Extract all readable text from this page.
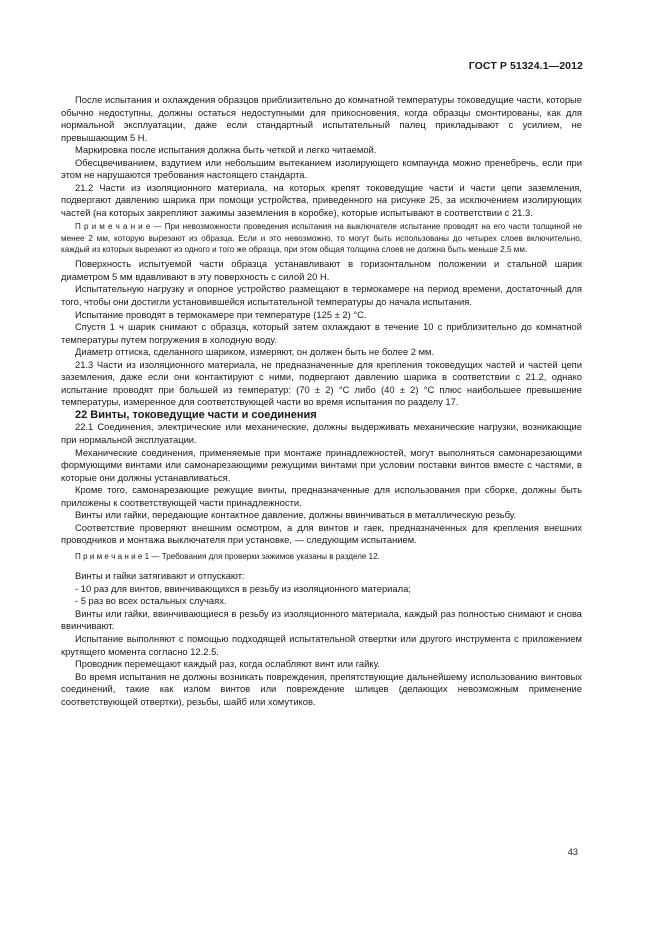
ГОСТ Р 51324.1—2012

После испытания и охлаждения образцов приблизительно до комнатной температуры токоведущие части, которые обычно недоступны, должны остаться недоступными для прикосновения, когда образцы смонтированы, как для нормальной эксплуатации, даже если стандартный испытательный палец прикладывают с усилием, не превышающим 5 Н.

Маркировка после испытания должна быть четкой и легко читаемой.

Обесцвечиванием, вздутием или небольшим вытеканием изолирующего компаунда можно пренебречь, если при этом не нарушаются требования настоящего стандарта.

21.2 Части из изоляционного материала, на которых крепят токоведущие части и части цепи заземления, подвергают давлению шарика при помощи устройства, приведенного на рисунке 25, за исключением изолирующих частей (на которых закрепляют зажимы заземления в коробке), которые испытывают в соответствии с 21.3.

П р и м е ч а н и е — При невозможности проведения испытания на выключателе испытание проводят на его части толщиной не менее 2 мм, которую вырезают из образца. Если и это невозможно, то могут быть использованы до четырех слоев включительно, каждый из которых вырезают из одного и того же образца, при этом общая толщина слоев не должна быть меньше 2,5 мм.

Поверхность испытуемой части образца устанавливают в горизонтальном положении и стальной шарик диаметром 5 мм вдавливают в эту поверхность с силой 20 Н.

Испытательную нагрузку и опорное устройство размещают в термокамере на период времени, достаточный для того, чтобы они достигли установившейся испытательной температуры до начала испытания.

Испытание проводят в термокамере при температуре (125 ± 2) °С.

Спустя 1 ч шарик снимают с образца, который затем охлаждают в течение 10 с приблизительно до комнатной температуры путем погружения в холодную воду.

Диаметр оттиска, сделанного шариком, измеряют, он должен быть не более 2 мм.

21.3 Части из изоляционного материала, не предназначенные для крепления токоведущих частей и частей цепи заземления, даже если они контактируют с ними, подвергают давлению шарика в соответствии с 21.2, однако испытание проводят при большей из температур: (70 ± 2) °С либо (40 ± 2) °С плюс наибольшее превышение температуры, измеренное для соответствующей части во время испытания по разделу 17.

22 Винты, токоведущие части и соединения

22.1 Соединения, электрические или механические, должны выдерживать механические нагрузки, возникающие при нормальной эксплуатации.

Механические соединения, применяемые при монтаже принадлежностей, могут выполняться самонарезающими формующими винтами или самонарезающими режущими винтами при условии поставки винтов вместе с частями, в которые они должны устанавливаться.

Кроме того, самонарезающие режущие винты, предназначенные для использования при сборке, должны быть приложены к соответствующей части принадлежности.

Винты или гайки, передающие контактное давление, должны ввинчиваться в металлическую резьбу.

Соответствие проверяют внешним осмотром, а для винтов и гаек, предназначенных для крепления внешних проводников и монтажа выключателя при установке, — следующим испытанием.

П р и м е ч а н и е 1 — Требования для проверки зажимов указаны в разделе 12.

Винты и гайки затягивают и отпускают:

- 10 раз для винтов, ввинчивающихся в резьбу из изоляционного материала;

- 5 раз во всех остальных случаях.

Винты или гайки, ввинчивающиеся в резьбу из изоляционного материала, каждый раз полностью снимают и снова ввинчивают.

Испытание выполняют с помощью подходящей испытательной отвертки или другого инструмента с приложением крутящего момента согласно 12.2.5.

Проводник перемещают каждый раз, когда ослабляют винт или гайку.

Во время испытания не должны возникать повреждения, препятствующие дальнейшему использованию винтовых соединений, такие как излом винтов или повреждение шлицев (делающих невозможным применение соответствующей отвертки), резьбы, шайб или хомутиков.

43
